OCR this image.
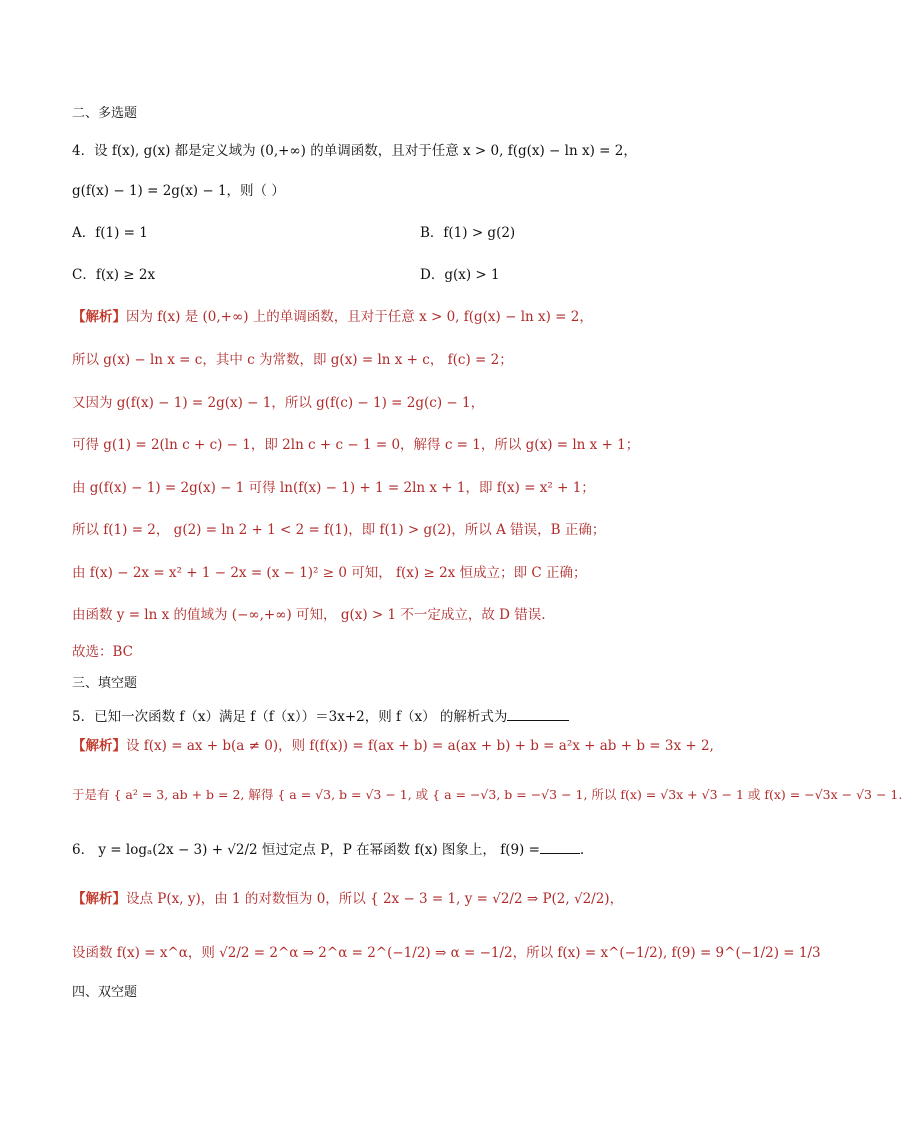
二、多选题
4．设 f(x), g(x) 都是定义域为 (0,+∞) 的单调函数，且对于任意 x > 0, f(g(x) − ln x) = 2，
g(f(x) − 1) = 2g(x) − 1，则（ ）
A．f(1) = 1	B．f(1) > g(2)
C．f(x) ≥ 2x	D．g(x) > 1
【解析】因为 f(x) 是 (0,+∞) 上的单调函数，且对于任意 x > 0, f(g(x) − ln x) = 2，
所以 g(x) − ln x = c，其中 c 为常数，即 g(x) = ln x + c， f(c) = 2；
又因为 g(f(x) − 1) = 2g(x) − 1，所以 g(f(c) − 1) = 2g(c) − 1，
可得 g(1) = 2(ln c + c) − 1，即 2ln c + c − 1 = 0，解得 c = 1，所以 g(x) = ln x + 1；
由 g(f(x) − 1) = 2g(x) − 1 可得 ln(f(x) − 1) + 1 = 2ln x + 1，即 f(x) = x² + 1；
所以 f(1) = 2， g(2) = ln 2 + 1 < 2 = f(1)，即 f(1) > g(2)，所以 A 错误，B 正确；
由 f(x) − 2x = x² + 1 − 2x = (x − 1)² ≥ 0 可知， f(x) ≥ 2x 恒成立；即 C 正确；
由函数 y = ln x 的值域为 (−∞,+∞) 可知， g(x) > 1 不一定成立，故 D 错误.
故选：BC
三、填空题
5．已知一次函数 f（x）满足 f（f（x））＝3x+2，则 f（x） 的解析式为
【解析】设 f(x) = ax + b(a ≠ 0)，则 f(f(x)) = f(ax + b) = a(ax + b) + b = a²x + ab + b = 3x + 2,
于是有 { a² = 3, ab + b = 2, 解得 { a = √3, b = √3 − 1, 或 { a = −√3, b = −√3 − 1, 所以 f(x) = √3x + √3 − 1 或 f(x) = −√3x − √3 − 1.
6． y = logₐ(2x − 3) + √2/2 恒过定点 P，P 在幂函数 f(x) 图象上， f(9) =	.
【解析】设点 P(x, y)，由 1 的对数恒为 0，所以 { 2x − 3 = 1, y = √2/2 ⇒ P(2, √2/2)，
设函数 f(x) = x^α，则 √2/2 = 2^α ⇒ 2^α = 2^(−1/2) ⇒ α = −1/2，所以 f(x) = x^(−1/2), f(9) = 9^(−1/2) = 1/3
四、双空题
